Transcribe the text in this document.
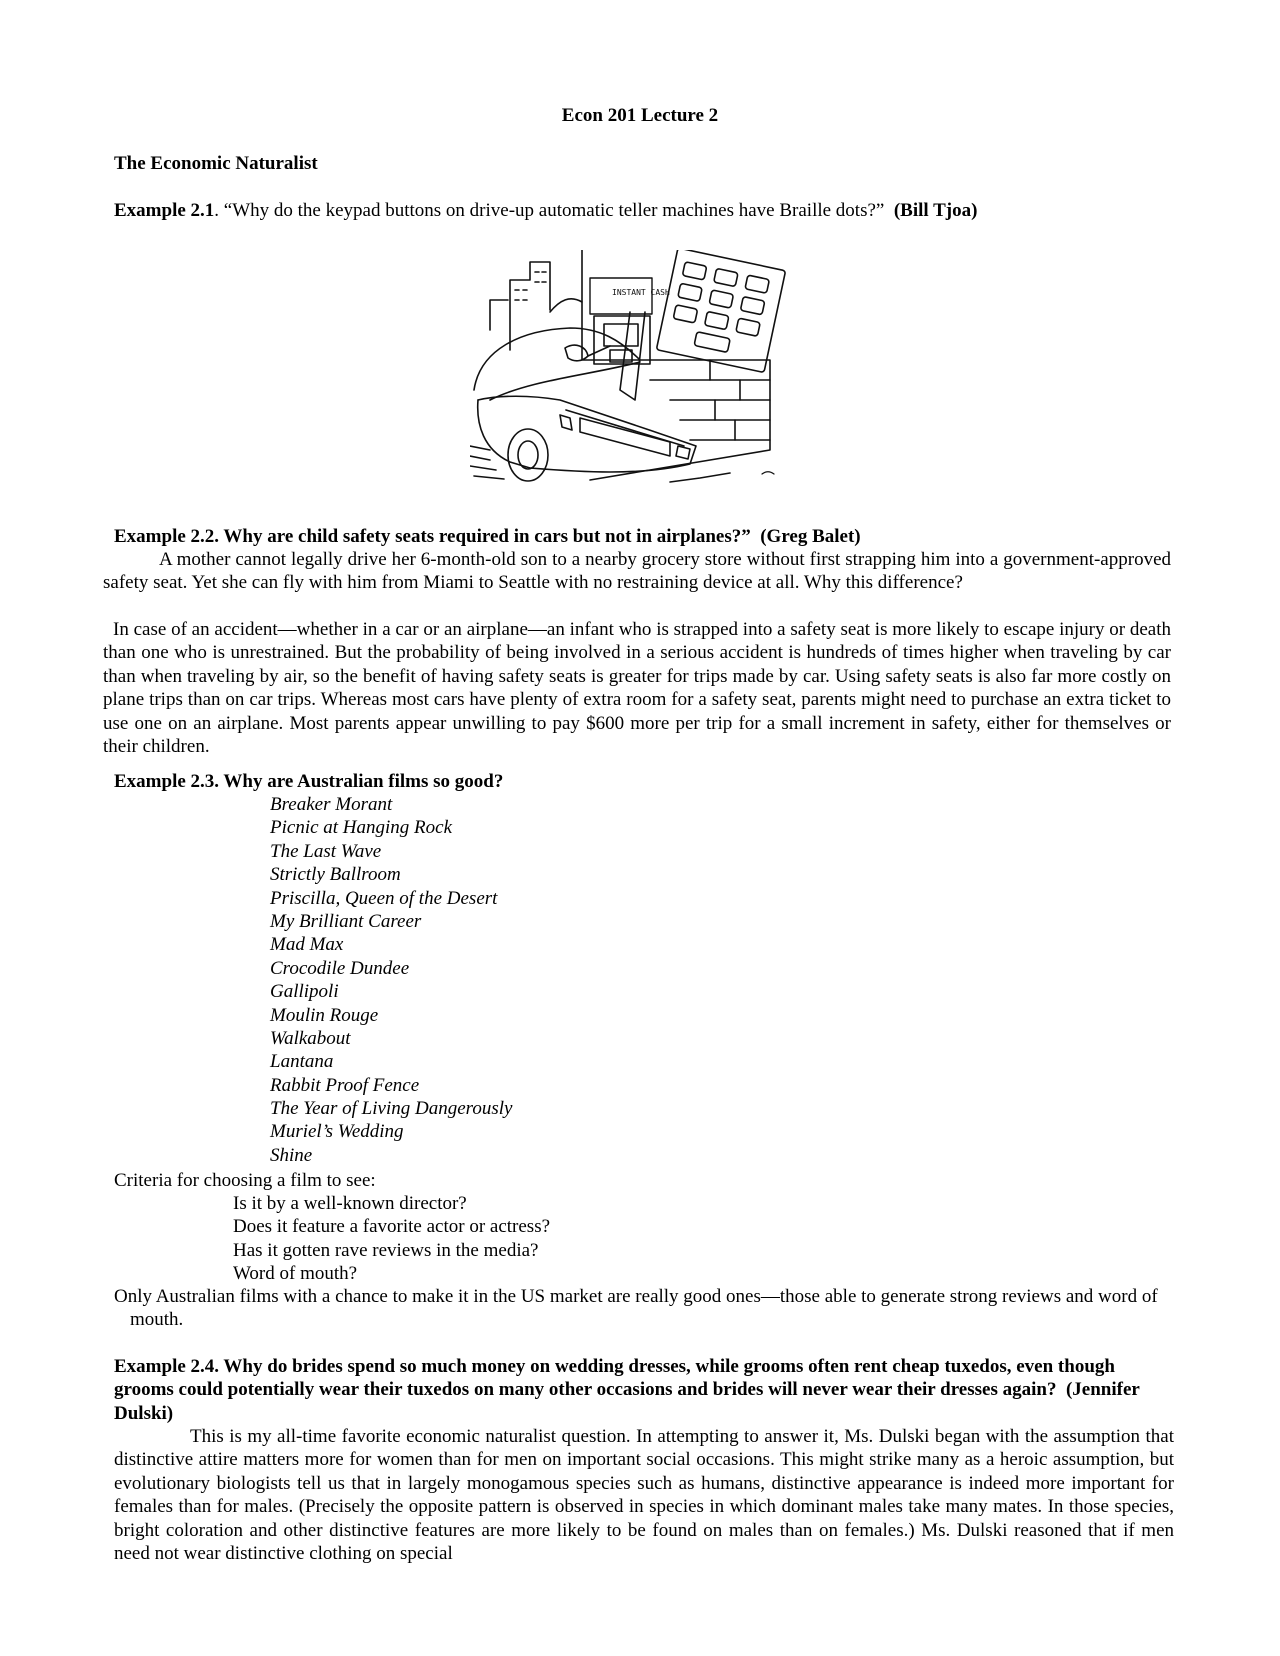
Econ 201 Lecture 2
The Economic Naturalist
Example 2.1. “Why do the keypad buttons on drive-up automatic teller machines have Braille dots?” (Bill Tjoa)
INSTANT CASH
Example 2.2. Why are child safety seats required in cars but not in airplanes?” (Greg Balet)
A mother cannot legally drive her 6-month-old son to a nearby grocery store without first strapping him into a government-approved safety seat. Yet she can fly with him from Miami to Seattle with no restraining device at all. Why this difference?
In case of an accident—whether in a car or an airplane—an infant who is strapped into a safety seat is more likely to escape injury or death than one who is unrestrained. But the probability of being involved in a serious accident is hundreds of times higher when traveling by car than when traveling by air, so the benefit of having safety seats is greater for trips made by car. Using safety seats is also far more costly on plane trips than on car trips. Whereas most cars have plenty of extra room for a safety seat, parents might need to purchase an extra ticket to use one on an airplane. Most parents appear unwilling to pay $600 more per trip for a small increment in safety, either for themselves or their children.
Example 2.3. Why are Australian films so good?
Breaker Morant
Picnic at Hanging Rock
The Last Wave
Strictly Ballroom
Priscilla, Queen of the Desert
My Brilliant Career
Mad Max
Crocodile Dundee
Gallipoli
Moulin Rouge
Walkabout
Lantana
Rabbit Proof Fence
The Year of Living Dangerously
Muriel’s Wedding
Shine
Criteria for choosing a film to see:
Is it by a well-known director?
Does it feature a favorite actor or actress?
Has it gotten rave reviews in the media?
Word of mouth?
Only Australian films with a chance to make it in the US market are really good ones—those able to generate strong reviews and word of mouth.
Example 2.4. Why do brides spend so much money on wedding dresses, while grooms often rent cheap tuxedos, even though grooms could potentially wear their tuxedos on many other occasions and brides will never wear their dresses again? (Jennifer Dulski)
This is my all-time favorite economic naturalist question. In attempting to answer it, Ms. Dulski began with the assumption that distinctive attire matters more for women than for men on important social occasions. This might strike many as a heroic assumption, but evolutionary biologists tell us that in largely monogamous species such as humans, distinctive appearance is indeed more important for females than for males. (Precisely the opposite pattern is observed in species in which dominant males take many mates. In those species, bright coloration and other distinctive features are more likely to be found on males than on females.) Ms. Dulski reasoned that if men need not wear distinctive clothing on special
